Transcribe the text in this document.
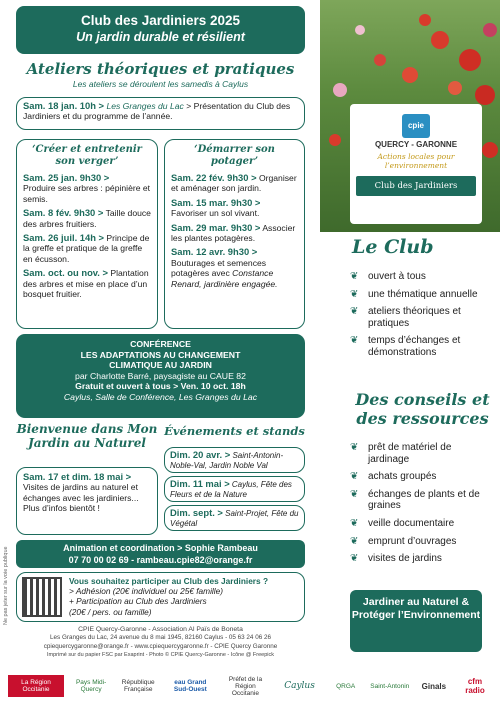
Club des Jardiniers 2025
Un jardin durable et résilient
Ateliers théoriques et pratiques
Les ateliers se déroulent les samedis à Caylus
Sam. 18 jan. 10h > Les Granges du Lac > Présentation du Club des Jardiniers et du programme de l’année.
‘Créer et entretenir son verger’
Sam. 25 jan. 9h30 >
Produire ses arbres : pépinière et semis.
Sam. 8 fév. 9h30 > Taille douce des arbres fruitiers.
Sam. 26 juil. 14h > Principe de la greffe et pratique de la greffe en écusson.
Sam. oct. ou nov. > Plantation des arbres et mise en place d’un bosquet fruitier.
‘Démarrer son potager’
Sam. 22 fév. 9h30 > Organiser et aménager son jardin.
Sam. 15 mar. 9h30 > Favoriser un sol vivant.
Sam. 29 mar. 9h30 > Associer les plantes potagères.
Sam. 12 avr. 9h30 > Bouturages et semences potagères avec Constance Renard, jardinière engagée.
CONFÉRENCE
LES ADAPTATIONS AU CHANGEMENT
CLIMATIQUE AU JARDIN
par Charlotte Barré, paysagiste au CAUE 82
Gratuit et ouvert à tous > Ven. 10 oct. 18h
Caylus, Salle de Conférence, Les Granges du Lac
Bienvenue dans Mon
Jardin au Naturel
Sam. 17 et dim. 18 mai > Visites de jardins au naturel et échanges avec les jardiniers... Plus d’infos bientôt !
Événements et stands
Dim. 20 avr. > Saint-Antonin-Noble-Val, Jardin Noble Val
Dim. 11 mai > Caylus, Fête des Fleurs et de la Nature
Dim. sept. > Saint-Projet, Fête du Végétal
Animation et coordination > Sophie Rambeau
07 70 00 02 69 - rambeau.cpie82@orange.fr
Vous souhaitez participer au Club des Jardiniers ?
> Adhésion (20€ individuel ou 25€ famille)
+ Participation au Club des Jardiniers
(20€ / pers. ou famille)
Ne pas jeter sur la voie publique
CPIE Quercy-Garonne - Association Al Païs de Boneta
Les Granges du Lac, 24 avenue du 8 mai 1945, 82160 Caylus - 05 63 24 06 26
cpiequercygaronne@orange.fr - www.cpiequercygaronne.fr - CPIE Quercy Garonne
Imprimé sur du papier FSC par Exaprint - Photo © CPIE Quercy-Garonne - Icône @ Freepick
cpie
QUERCY - GARONNE
Actions locales pour l’environnement
Club des Jardiniers
Le Club
❦ ouvert à tous
❦ une thématique annuelle
❦ ateliers théoriques et pratiques
❦ temps d’échanges et démonstrations
Des conseils et des ressources
❦ prêt de matériel de jardinage
❦ achats groupés
❦ échanges de plants et de graines
❦ veille documentaire
❦ emprunt d’ouvrages
❦ visites de jardins
Jardiner au Naturel & Protéger l’Environnement
La Région Occitanie
Pays Midi-Quercy
République Française
eau Grand Sud-Ouest
Préfet de la Région Occitanie
Caylus	QRGA	Saint-Antonin	Ginals	cfm radio
